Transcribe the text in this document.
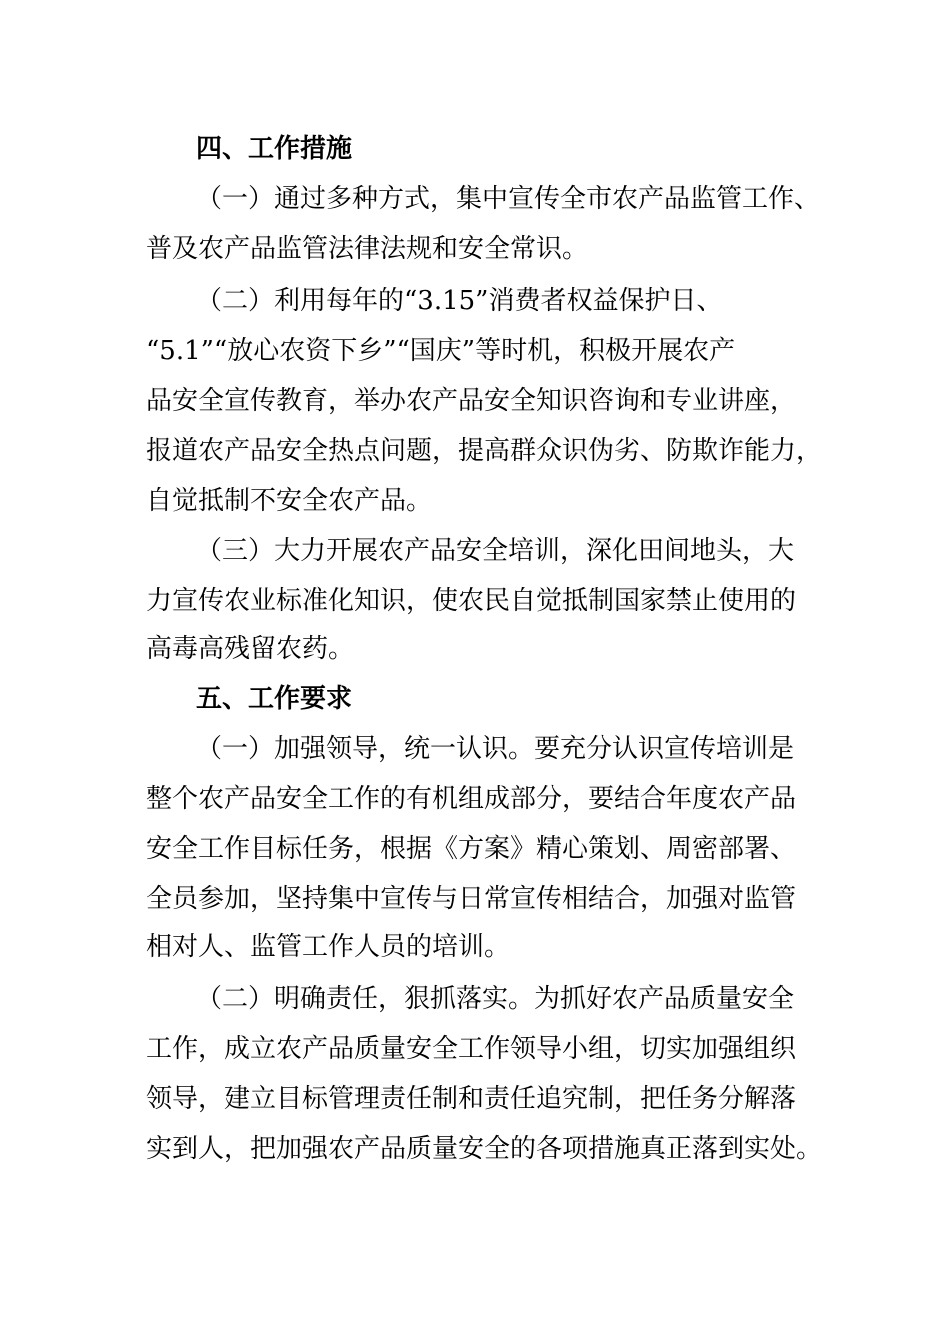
四、工作措施
（一）通过多种方式，集中宣传全市农产品监管工作、
普及农产品监管法律法规和安全常识。
（二）利用每年的“3.15”消费者权益保护日、
“5.1”“放心农资下乡”“国庆”等时机，积极开展农产
品安全宣传教育，举办农产品安全知识咨询和专业讲座，
报道农产品安全热点问题，提高群众识伪劣、防欺诈能力，
自觉抵制不安全农产品。
（三）大力开展农产品安全培训，深化田间地头，大
力宣传农业标准化知识，使农民自觉抵制国家禁止使用的
高毒高残留农药。
五、工作要求
（一）加强领导，统一认识。要充分认识宣传培训是
整个农产品安全工作的有机组成部分，要结合年度农产品
安全工作目标任务，根据《方案》精心策划、周密部署、
全员参加，坚持集中宣传与日常宣传相结合，加强对监管
相对人、监管工作人员的培训。
（二）明确责任，狠抓落实。为抓好农产品质量安全
工作，成立农产品质量安全工作领导小组，切实加强组织
领导，建立目标管理责任制和责任追究制，把任务分解落
实到人，把加强农产品质量安全的各项措施真正落到实处。
